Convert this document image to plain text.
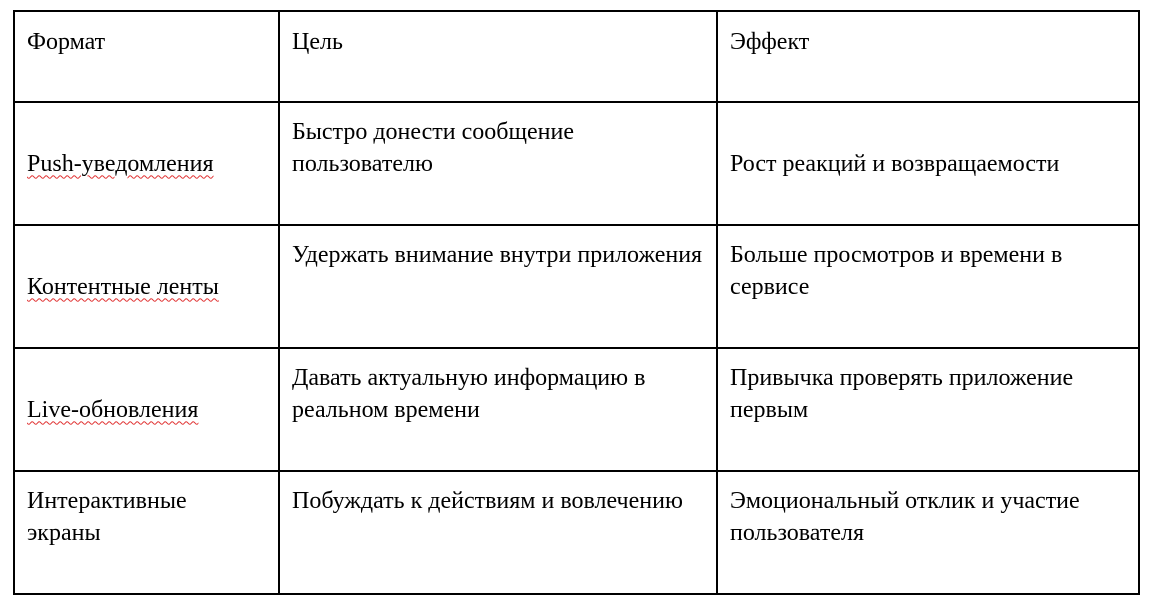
Формат	Цель	Эффект
Push-уведомления	Быстро донести сообщение пользователю	Рост реакций и возвращаемости
Контентные ленты	Удержать внимание внутри приложения	Больше просмотров и времени в сервисе
Live-обновления	Давать актуальную информацию в реальном времени	Привычка проверять приложение первым
Интерактивные экраны	Побуждать к действиям и вовлечению	Эмоциональный отклик и участие пользователя
